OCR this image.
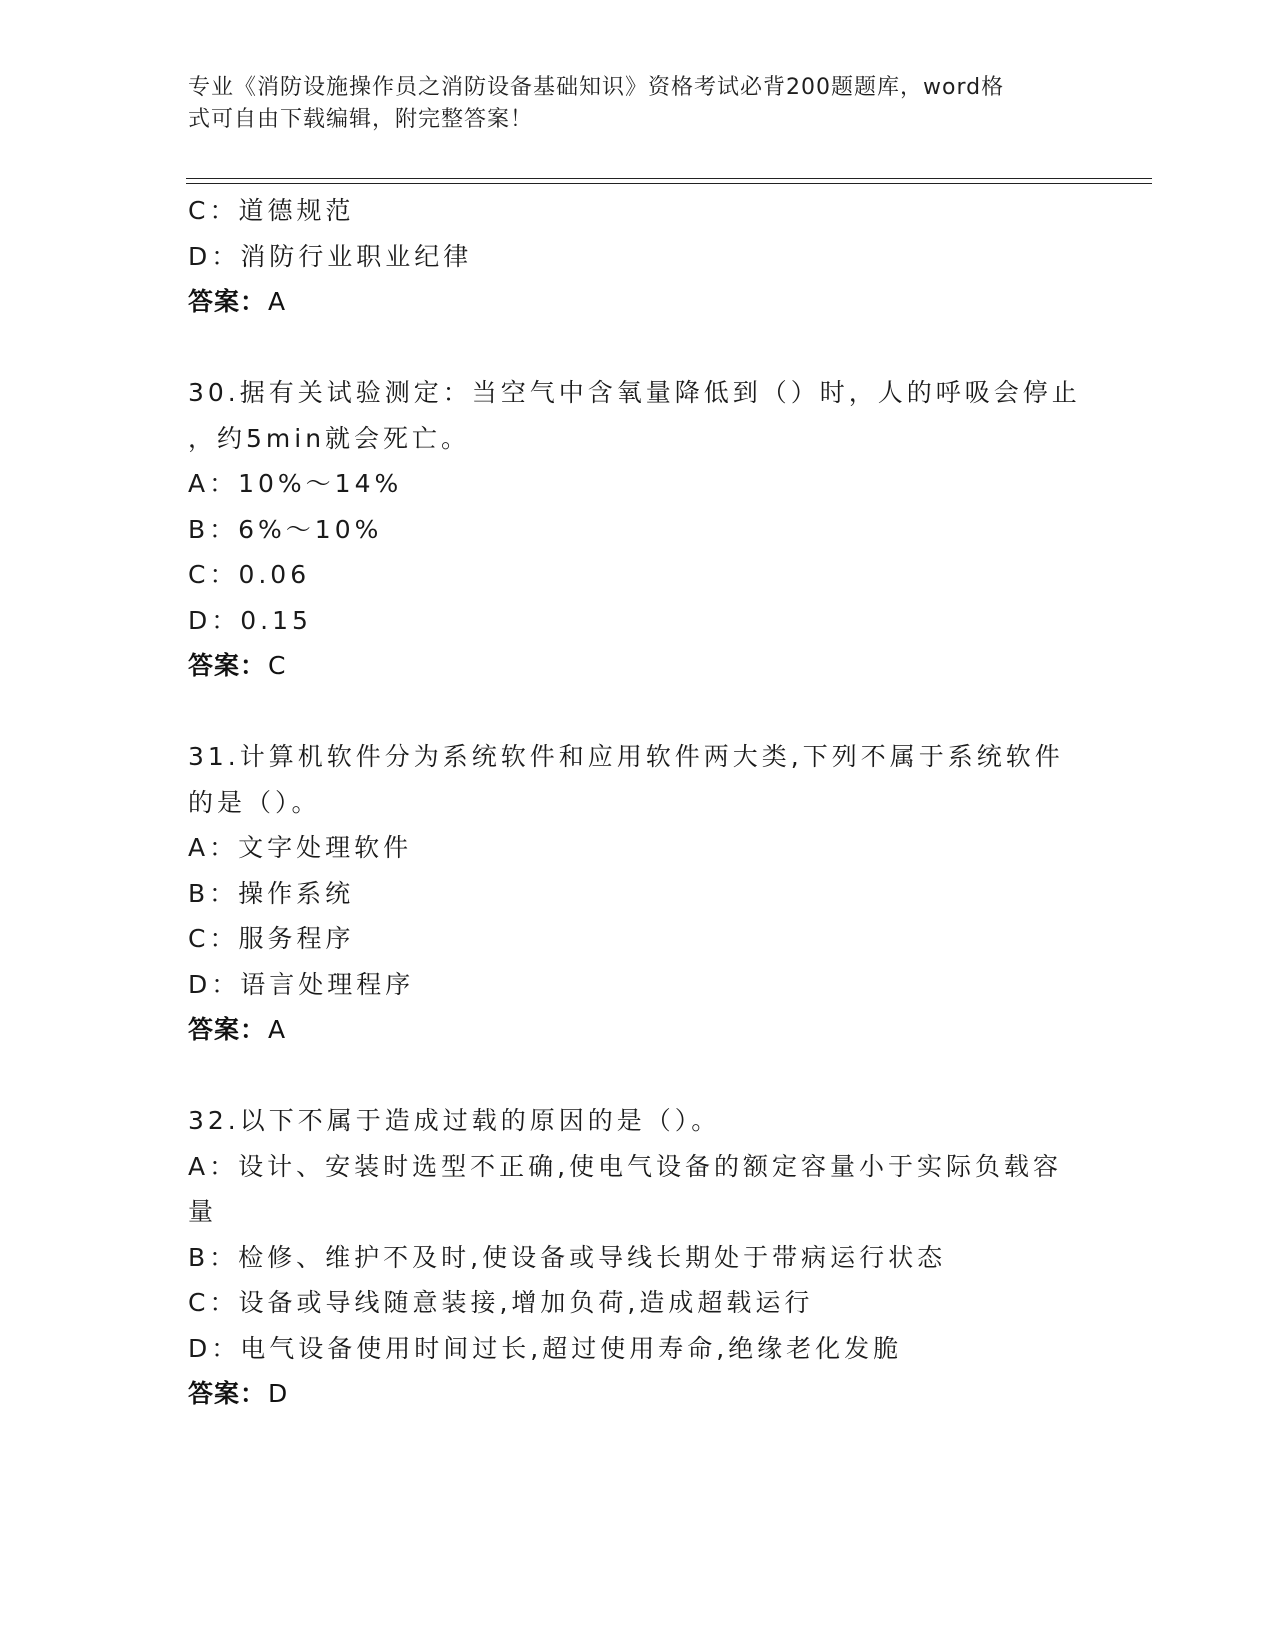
专业《消防设施操作员之消防设备基础知识》资格考试必背200题题库，word格
式可自由下载编辑，附完整答案！
C：道德规范
D：消防行业职业纪律
答案：A
30.据有关试验测定：当空气中含氧量降低到（）时，人的呼吸会停止
，约5min就会死亡。
A：10%～14%
B：6%～10%
C：0.06
D：0.15
答案：C
31.计算机软件分为系统软件和应用软件两大类,下列不属于系统软件
的是（）。
A：文字处理软件
B：操作系统
C：服务程序
D：语言处理程序
答案：A
32.以下不属于造成过载的原因的是（）。
A：设计、安装时选型不正确,使电气设备的额定容量小于实际负载容
量
B：检修、维护不及时,使设备或导线长期处于带病运行状态
C：设备或导线随意装接,增加负荷,造成超载运行
D：电气设备使用时间过长,超过使用寿命,绝缘老化发脆
答案：D
